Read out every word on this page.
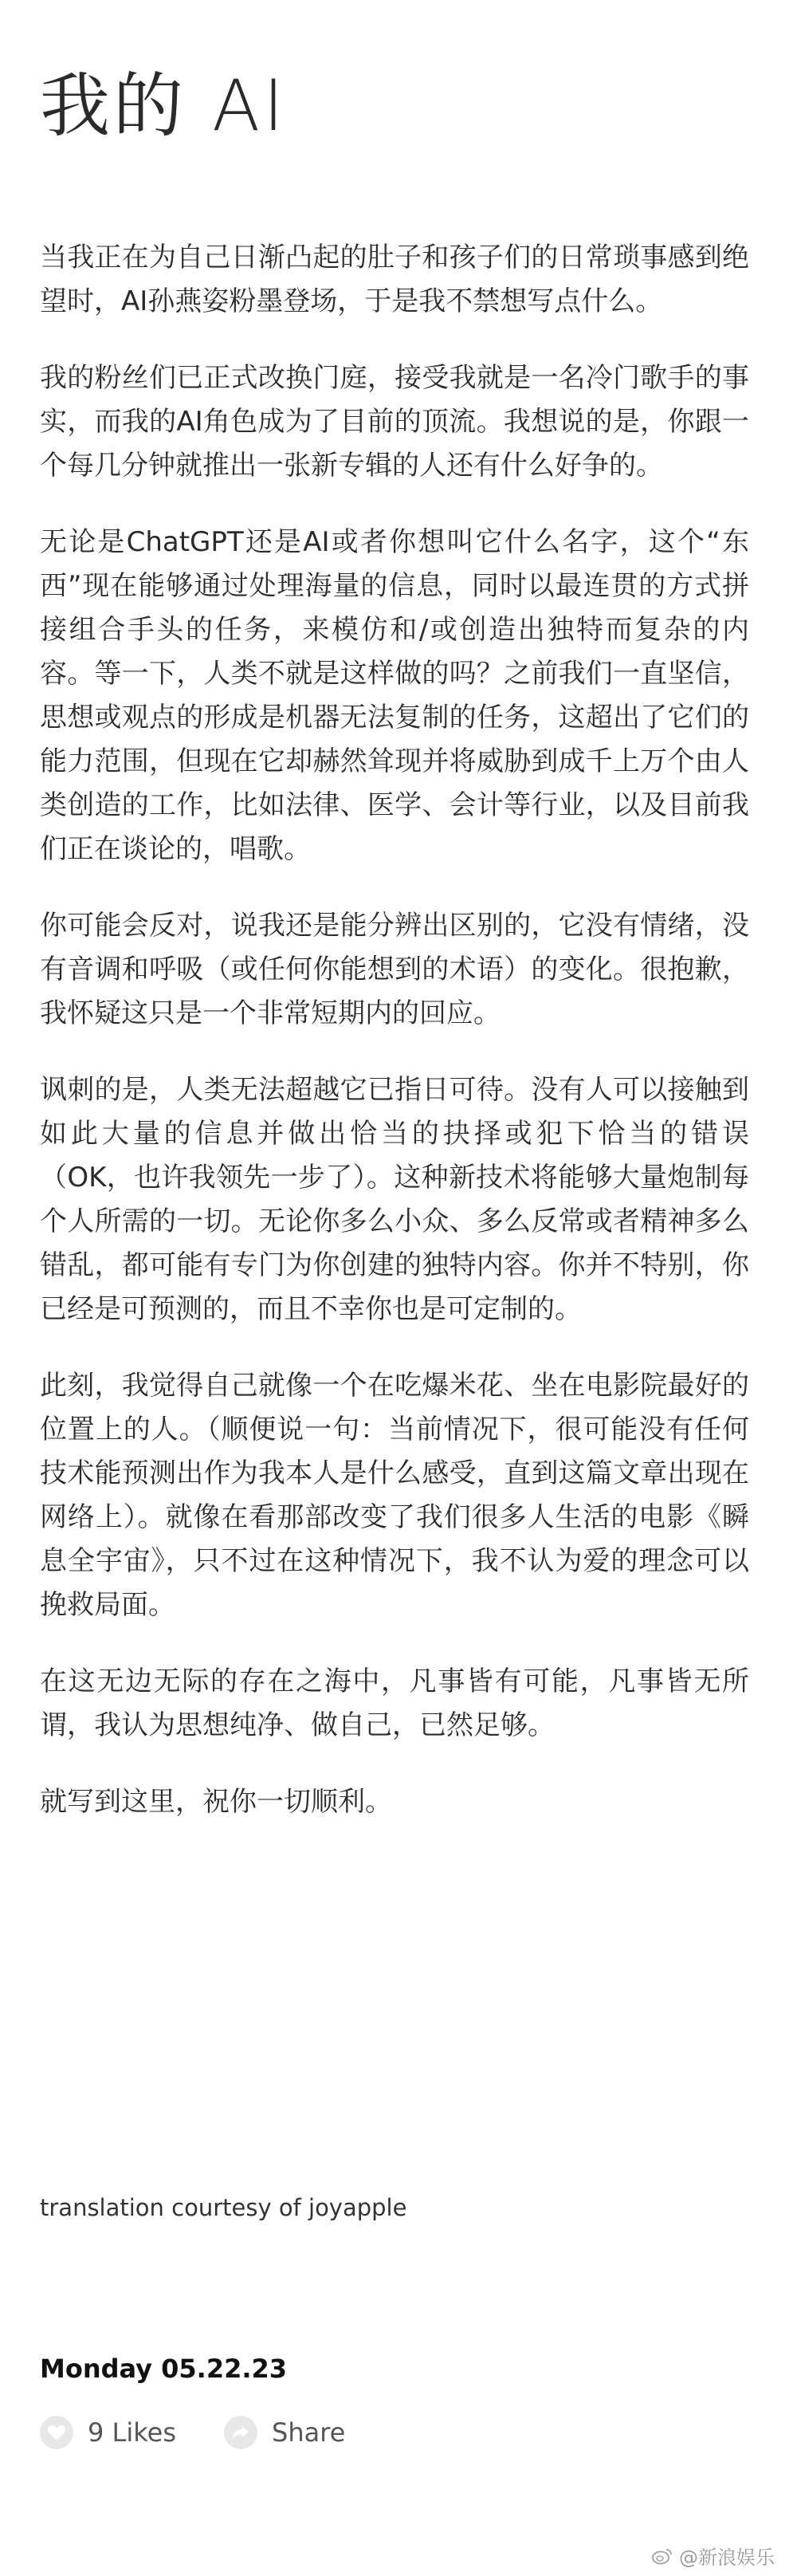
我的 AI

当我正在为自己日渐凸起的肚子和孩子们的日常琐事感到绝望时，AI孙燕姿粉墨登场，于是我不禁想写点什么。

我的粉丝们已正式改换门庭，接受我就是一名冷门歌手的事实，而我的AI角色成为了目前的顶流。我想说的是，你跟一个每几分钟就推出一张新专辑的人还有什么好争的。

无论是ChatGPT还是AI或者你想叫它什么名字，这个“东西”现在能够通过处理海量的信息，同时以最连贯的方式拼接组合手头的任务，来模仿和/或创造出独特而复杂的内容。等一下，人类不就是这样做的吗？之前我们一直坚信，思想或观点的形成是机器无法复制的任务，这超出了它们的能力范围，但现在它却赫然耸现并将威胁到成千上万个由人类创造的工作，比如法律、医学、会计等行业，以及目前我们正在谈论的，唱歌。

你可能会反对，说我还是能分辨出区别的，它没有情绪，没有音调和呼吸（或任何你能想到的术语）的变化。很抱歉，我怀疑这只是一个非常短期内的回应。

讽刺的是，人类无法超越它已指日可待。没有人可以接触到如此大量的信息并做出恰当的抉择或犯下恰当的错误（OK，也许我领先一步了）。这种新技术将能够大量炮制每个人所需的一切。无论你多么小众、多么反常或者精神多么错乱，都可能有专门为你创建的独特内容。你并不特别，你已经是可预测的，而且不幸你也是可定制的。

此刻，我觉得自己就像一个在吃爆米花、坐在电影院最好的位置上的人。（顺便说一句：当前情况下，很可能没有任何技术能预测出作为我本人是什么感受，直到这篇文章出现在网络上）。就像在看那部改变了我们很多人生活的电影《瞬息全宇宙》，只不过在这种情况下，我不认为爱的理念可以挽救局面。

在这无边无际的存在之海中，凡事皆有可能，凡事皆无所谓，我认为思想纯净、做自己，已然足够。

就写到这里，祝你一切顺利。

translation courtesy of joyapple

Monday 05.22.23

9 Likes	Share
@新浪娱乐
